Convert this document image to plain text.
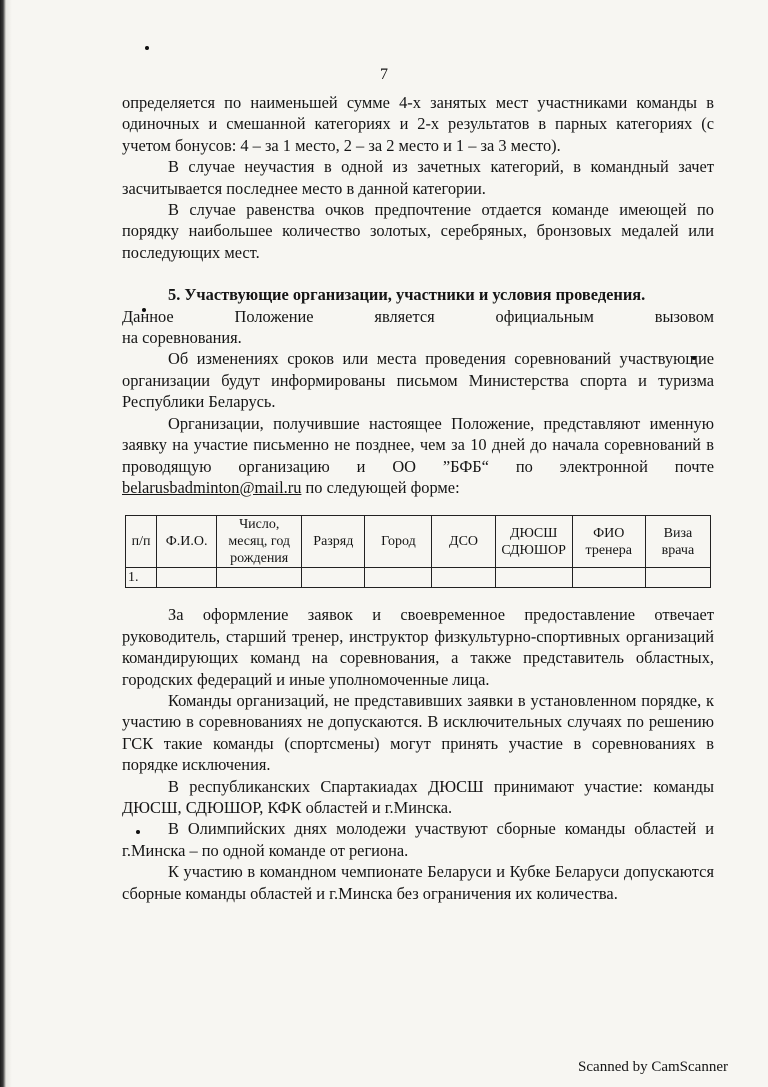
7

определяется по наименьшей сумме 4-х занятых мест участниками команды в одиночных и смешанной категориях и 2-х результатов в парных категориях (с учетом бонусов: 4 – за 1 место, 2 – за 2 место и 1 – за 3 место).

В случае неучастия в одной из зачетных категорий, в командный зачет засчитывается последнее место в данной категории.

В случае равенства очков предпочтение отдается команде имеющей по порядку наибольшее количество золотых, серебряных, бронзовых медалей или последующих мест.

5. Участвующие организации, участники и условия проведения.

Данное	Положение	является	официальным	вызовом

на соревнования.

Об изменениях сроков или места проведения соревнований участвующие организации будут информированы письмом Министерства спорта и туризма Республики Беларусь.

Организации, получившие настоящее Положение, представляют именную заявку на участие письменно не позднее, чем за 10 дней до начала соревнований в проводящую организацию и ОО ”БФБ“ по электронной почте belarusbadminton@mail.ru по следующей форме:

п/п	Ф.И.О.	Число, месяц, год рождения	Разряд	Город	ДСО	ДЮСШ СДЮШОР	ФИО тренера	Виза врача
1.								

За оформление заявок и своевременное предоставление отвечает руководитель, старший тренер, инструктор физкультурно-спортивных организаций командирующих команд на соревнования, а также представитель областных, городских федераций и иные уполномоченные лица.

Команды организаций, не представивших заявки в установленном порядке, к участию в соревнованиях не допускаются. В исключительных случаях по решению ГСК такие команды (спортсмены) могут принять участие в соревнованиях в порядке исключения.

В республиканских Спартакиадах ДЮСШ принимают участие: команды ДЮСШ, СДЮШОР, КФК областей и г.Минска.

В Олимпийских днях молодежи участвуют сборные команды областей и г.Минска – по одной команде от региона.

К участию в командном чемпионате Беларуси и Кубке Беларуси допускаются сборные команды областей и г.Минска без ограничения их количества.

Scanned by CamScanner
